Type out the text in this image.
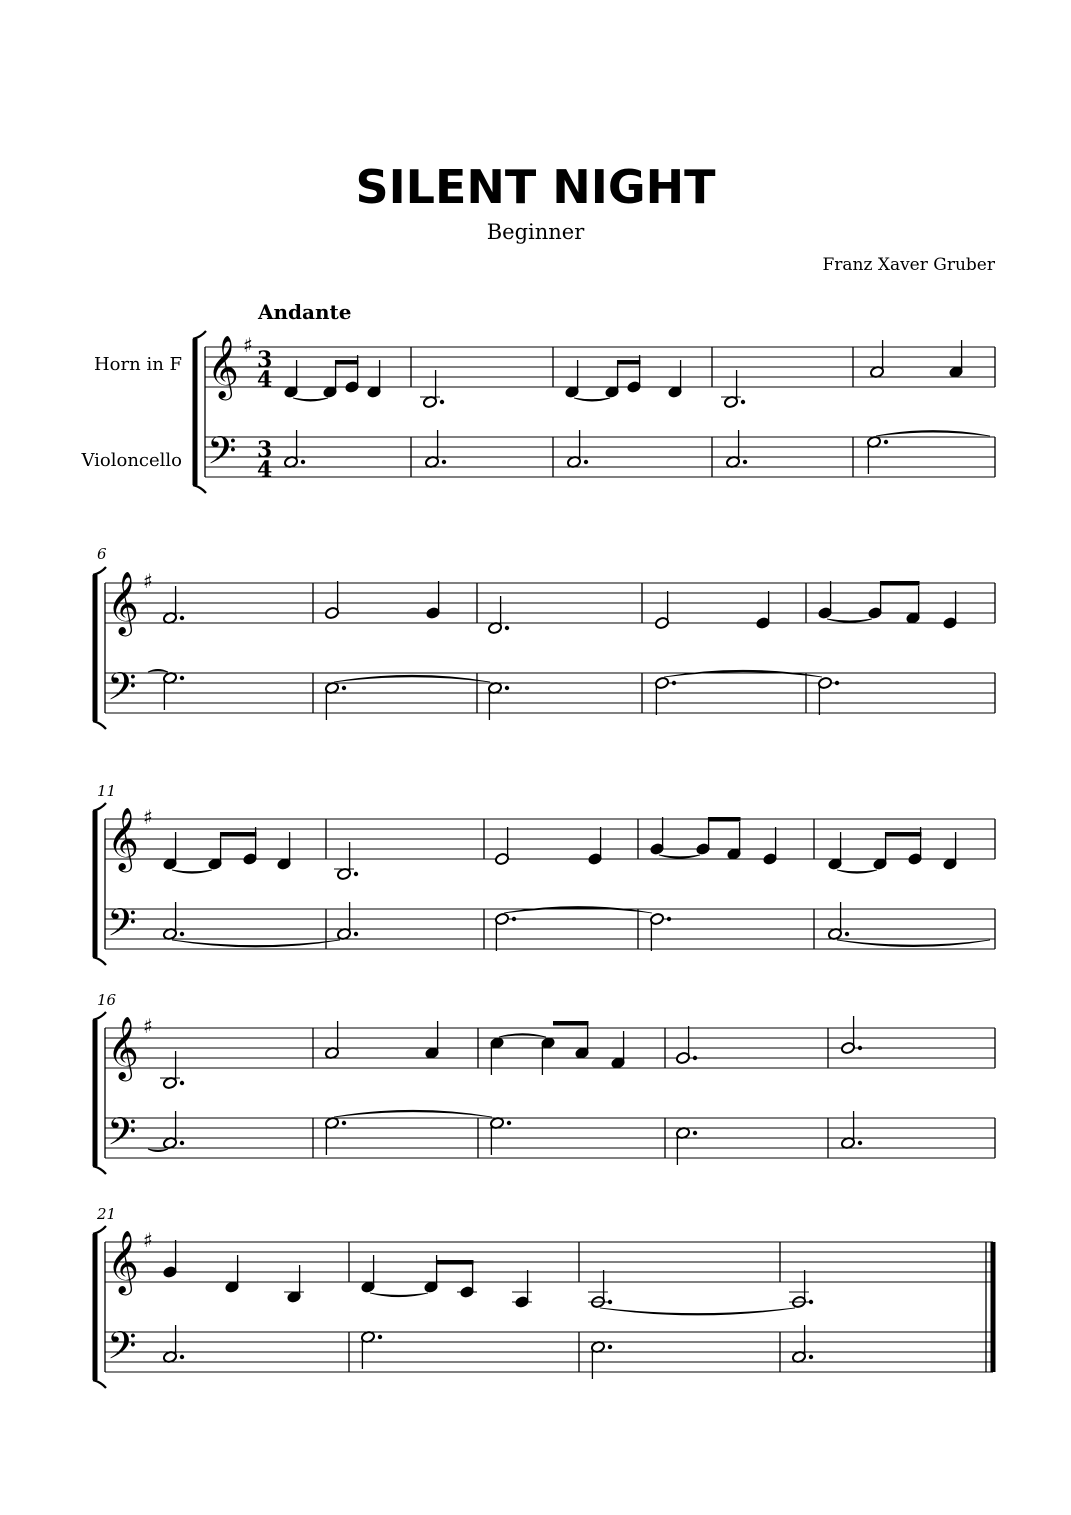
SILENT NIGHT
Beginner
Franz Xaver Gruber
Andante
Horn in F
Violoncello
6
11
16
21
𝄞
𝄢
♯
3
4
3
4
𝄞
𝄢
♯
𝄞
𝄢
♯
𝄞
𝄢
♯
𝄞
𝄢
♯
